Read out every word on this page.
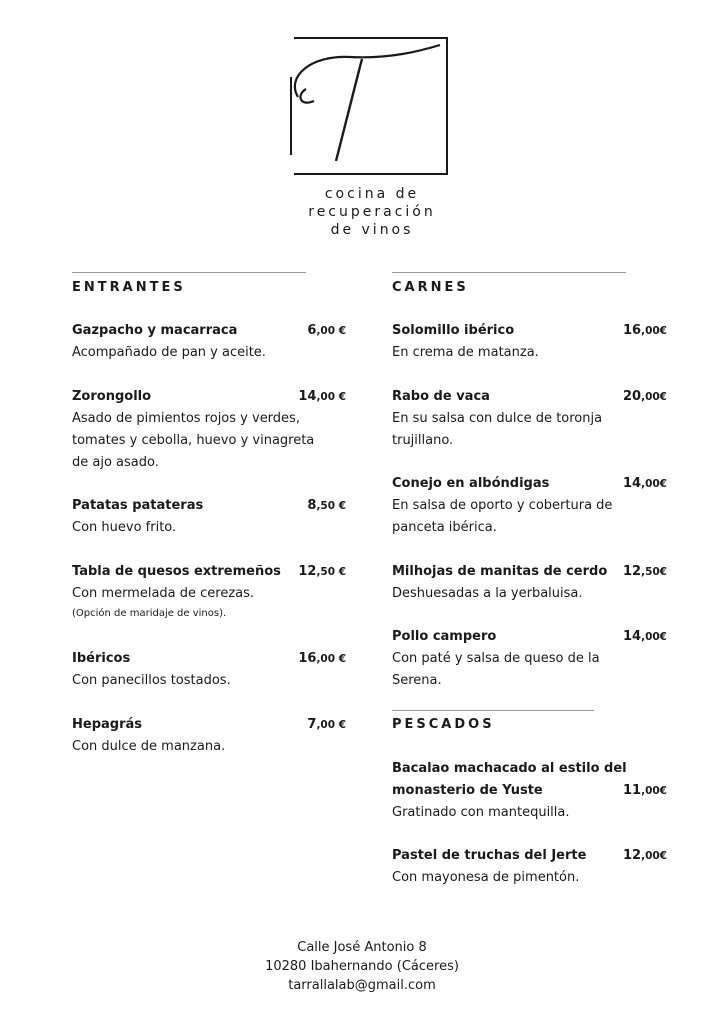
cocina de
recuperación
de vinos
ENTRANTES
Gazpacho y macarraca	6,00 €
Acompañado de pan y aceite.
Zorongollo	14,00 €
Asado de pimientos rojos y verdes,
tomates y cebolla, huevo y vinagreta
de ajo asado.
Patatas patateras	8,50 €
Con huevo frito.
Tabla de quesos extremeños 12,50 €
Con mermelada de cerezas.
(Opción de maridaje de vinos).
Ibéricos	16,00 €
Con panecillos tostados.
Hepagrás	7,00 €
Con dulce de manzana.
CARNES
Solomillo ibérico	16,00€
En crema de matanza.
Rabo de vaca	20,00€
En su salsa con dulce de toronja
trujillano.
Conejo en albóndigas	14,00€
En salsa de oporto y cobertura de
panceta ibérica.
Milhojas de manitas de cerdo 12,50€
Deshuesadas a la yerbaluisa.
Pollo campero	14,00€
Con paté y salsa de queso de la
Serena.
PESCADOS
Bacalao machacado al estilo del
monasterio de Yuste	11,00€
Gratinado con mantequilla.
Pastel de truchas del Jerte	12,00€
Con mayonesa de pimentón.
Calle José Antonio 8
10280 Ibahernando (Cáceres)
tarrallalab@gmail.com
